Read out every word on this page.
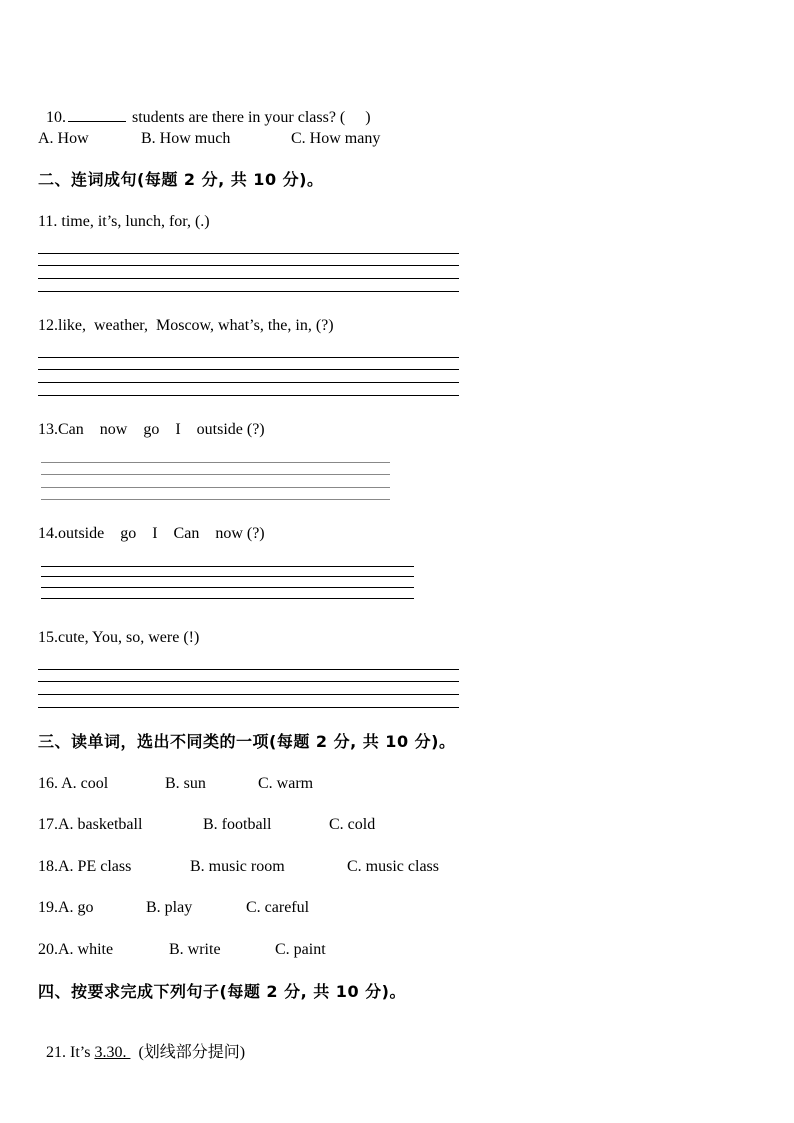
10.	students are there in your class? (     )

A. How	B. How much	C. How many
二、连词成句(每题 2 分, 共 10 分)。
11. time, it’s, lunch, for, (.)
12.like,  weather,  Moscow, what’s, the, in, (?)
13.Can    now    go    I    outside (?)
14.outside    go    I    Can    now (?)
15.cute, You, so, were (!)
三、读单词，选出不同类的一项(每题 2 分, 共 10 分)。
16. A. cool	B. sun	C. warm
17.A. basketball	B. football	C. cold
18.A. PE class	B. music room	C. music class
19.A. go	B. play	C. careful
20.A. white	B. write	C. paint
四、按要求完成下列句子(每题 2 分, 共 10 分)。

21. It’s 3.30.   (划线部分提问)
